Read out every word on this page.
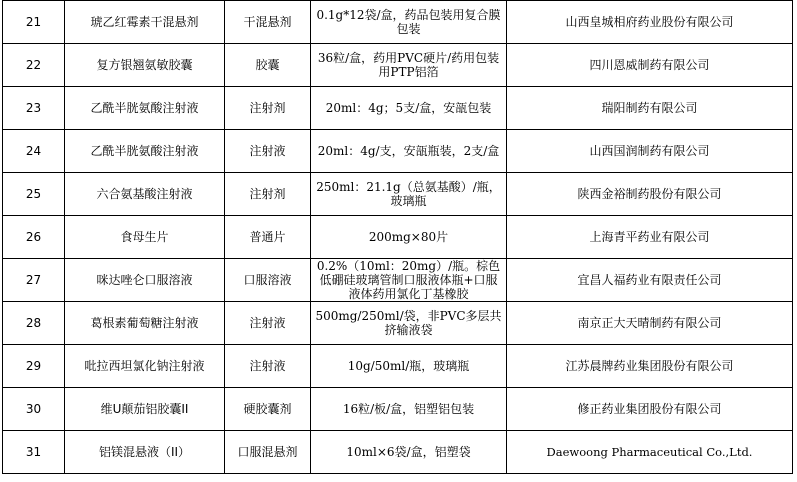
21	琥乙红霉素干混悬剂	干混悬剂	0.1g*12袋/盒，药品包装用复合膜包装	山西皇城相府药业股份有限公司
22	复方银翘氨敏胶囊	胶囊	36粒/盒，药用PVC硬片/药用包装用PTP铝箔	四川恩威制药有限公司
23	乙酰半胱氨酸注射液	注射剂	20ml：4g；5支/盒，安瓿包装	瑞阳制药有限公司
24	乙酰半胱氨酸注射液	注射液	20ml：4g/支，安瓿瓶装，2支/盒	山西国润制药有限公司
25	六合氨基酸注射液	注射剂	250ml：21.1g（总氨基酸）/瓶，玻璃瓶	陕西金裕制药股份有限公司
26	食母生片	普通片	200mg×80片	上海青平药业有限公司
27	咪达唑仑口服溶液	口服溶液	0.2%（10ml：20mg）/瓶。棕色低硼硅玻璃管制口服液体瓶+口服液体药用氯化丁基橡胶	宜昌人福药业有限责任公司
28	葛根素葡萄糖注射液	注射液	500mg/250ml/袋，非PVC多层共挤输液袋	南京正大天晴制药有限公司
29	吡拉西坦氯化钠注射液	注射液	10g/50ml/瓶，玻璃瓶	江苏晨牌药业集团股份有限公司
30	维U颠茄铝胶囊II	硬胶囊剂	16粒/板/盒，铝塑铝包装	修正药业集团股份有限公司
31	铝镁混悬液（II）	口服混悬剂	10ml×6袋/盒，铝塑袋	Daewoong Pharmaceutical Co.,Ltd.
